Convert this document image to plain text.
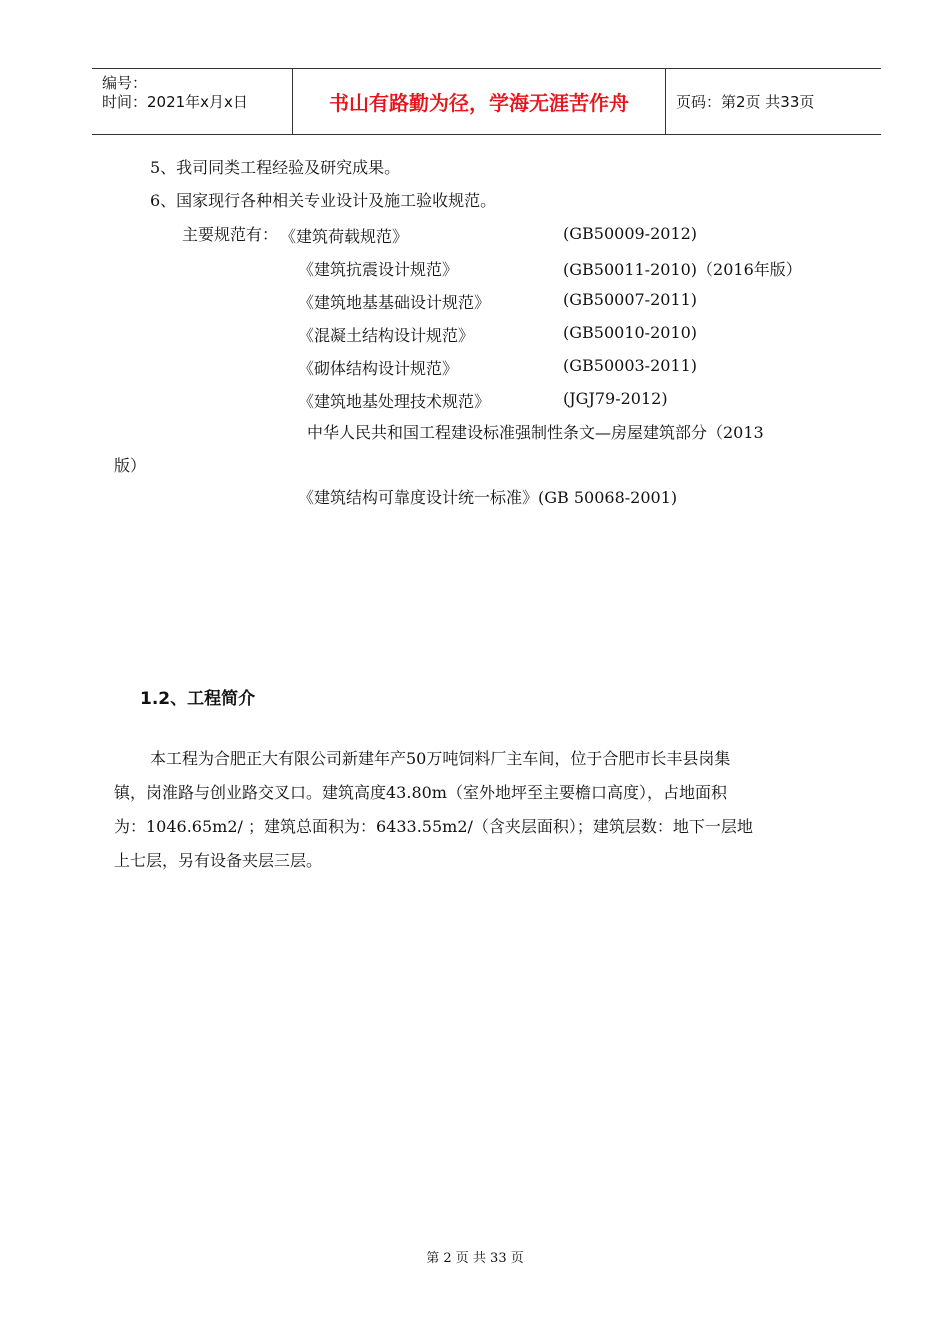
编号：
时间：2021年x月x日	书山有路勤为径，学海无涯苦作舟	页码：第2页 共33页
5、我司同类工程经验及研究成果。
6、国家现行各种相关专业设计及施工验收规范。
主要规范有： 《建筑荷载规范》	(GB50009-2012)
《建筑抗震设计规范》	(GB50011-2010)（2016年版）
《建筑地基基础设计规范》	(GB50007-2011)
《混凝土结构设计规范》	(GB50010-2010)
《砌体结构设计规范》	(GB50003-2011)
《建筑地基处理技术规范》	(JGJ79-2012)
中华人民共和国工程建设标准强制性条文—房屋建筑部分（2013
版）
《建筑结构可靠度设计统一标准》(GB 50068-2001)
1.2、工程简介
本工程为合肥正大有限公司新建年产50万吨饲料厂主车间，位于合肥市长丰县岗集
镇，岗淮路与创业路交叉口。建筑高度43.80m（室外地坪至主要檐口高度），占地面积
为：1046.65m2/ ；建筑总面积为：6433.55m2/（含夹层面积）；建筑层数：地下一层地
上七层，另有设备夹层三层。
第 2 页 共 33 页
